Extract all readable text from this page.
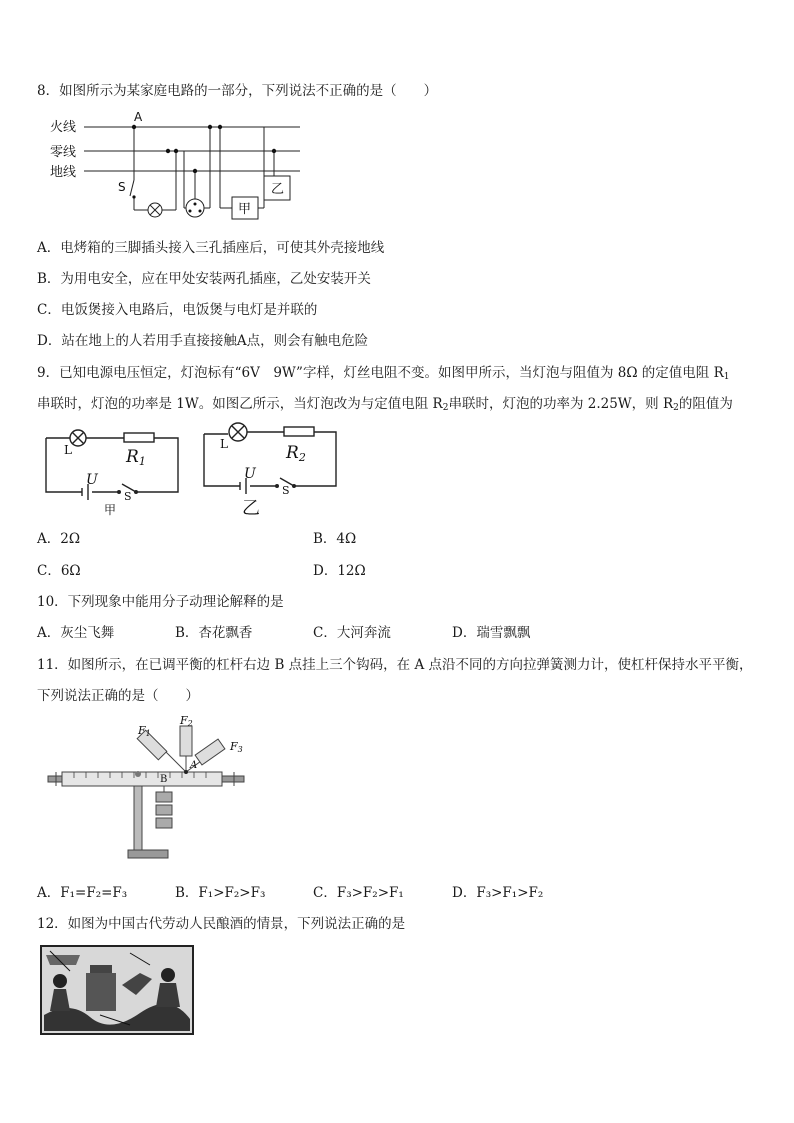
8．如图所示为某家庭电路的一部分，下列说法不正确的是（　　）
火线
零线
地线
A
S
甲
乙
A．电烤箱的三脚插头接入三孔插座后，可使其外壳接地线
B．为用电安全，应在甲处安装两孔插座，乙处安装开关
C．电饭煲接入电路后，电饭煲与电灯是并联的
D．站在地上的人若用手直接接触A点，则会有触电危险
9．已知电源电压恒定，灯泡标有“6V　9W”字样，灯丝电阻不变。如图甲所示，当灯泡与阻值为 8Ω 的定值电阻 $R_1$
串联时，灯泡的功率是 1W。如图乙所示，当灯泡改为与定值电阻 $R_2$串联时，灯泡的功率为 2.25W，则 $R_2$的阻值为
L	R1
U
S
甲
L	R2
U
S
乙
A．2Ω	B．4Ω
C．6Ω	D．12Ω
10．下列现象中能用分子动理论解释的是
A．灰尘飞舞	B．杏花飘香	C．大河奔流	D．瑞雪飘飘
11．如图所示，在已调平衡的杠杆右边 B 点挂上三个钩码，在 A 点沿不同的方向拉弹簧测力计，使杠杆保持水平平衡，
下列说法正确的是（　　）
F1
F2
F3
A
B
A．F₁=F₂=F₃	B．F₁>F₂>F₃	C．F₃>F₂>F₁	D．F₃>F₁>F₂
12．如图为中国古代劳动人民酿酒的情景，下列说法正确的是
